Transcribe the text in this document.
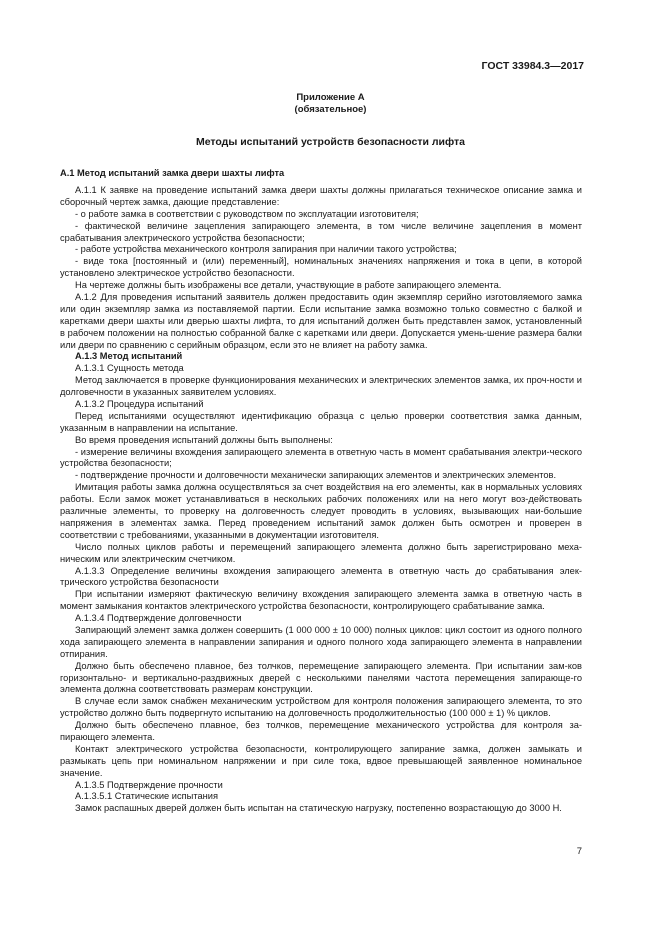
ГОСТ 33984.3—2017
Приложение А
(обязательное)
Методы испытаний устройств безопасности лифта
А.1 Метод испытаний замка двери шахты лифта

А.1.1 К заявке на проведение испытаний замка двери шахты должны прилагаться техническое описание замка и сборочный чертеж замка, дающие представление:

- о работе замка в соответствии с руководством по эксплуатации изготовителя;

- фактической величине зацепления запирающего элемента, в том числе величине зацепления в момент срабатывания электрического устройства безопасности;

- работе устройства механического контроля запирания при наличии такого устройства;

- виде тока [постоянный и (или) переменный], номинальных значениях напряжения и тока в цепи, в которой установлено электрическое устройство безопасности.

На чертеже должны быть изображены все детали, участвующие в работе запирающего элемента.

А.1.2 Для проведения испытаний заявитель должен предоставить один экземпляр серийно изготовляемого замка или один экземпляр замка из поставляемой партии. Если испытание замка возможно только совместно с балкой и каретками двери шахты или дверью шахты лифта, то для испытаний должен быть представлен замок, установленный в рабочем положении на полностью собранной балке с каретками или двери. Допускается умень-шение размера балки или двери по сравнению с серийным образцом, если это не влияет на работу замка.

А.1.3 Метод испытаний

А.1.3.1 Сущность метода

Метод заключается в проверке функционирования механических и электрических элементов замка, их проч-ности и долговечности в указанных заявителем условиях.

А.1.3.2 Процедура испытаний

Перед испытаниями осуществляют идентификацию образца с целью проверки соответствия замка данным, указанным в направлении на испытание.

Во время проведения испытаний должны быть выполнены:

- измерение величины вхождения запирающего элемента в ответную часть в момент срабатывания электри-ческого устройства безопасности;

- подтверждение прочности и долговечности механически запирающих элементов и электрических элементов.

Имитация работы замка должна осуществляться за счет воздействия на его элементы, как в нормальных условиях работы. Если замок может устанавливаться в нескольких рабочих положениях или на него могут воз-действовать различные элементы, то проверку на долговечность следует проводить в условиях, вызывающих наи-большие напряжения в элементах замка. Перед проведением испытаний замок должен быть осмотрен и проверен в соответствии с требованиями, указанными в документации изготовителя.

Число полных циклов работы и перемещений запирающего элемента должно быть зарегистрировано меха-ническим или электрическим счетчиком.

А.1.3.3 Определение величины вхождения запирающего элемента в ответную часть до срабатывания элек-трического устройства безопасности

При испытании измеряют фактическую величину вхождения запирающего элемента замка в ответную часть в момент замыкания контактов электрического устройства безопасности, контролирующего срабатывание замка.

А.1.3.4 Подтверждение долговечности

Запирающий элемент замка должен совершить (1 000 000 ± 10 000) полных циклов: цикл состоит из одного полного хода запирающего элемента в направлении запирания и одного полного хода запирающего элемента в направлении отпирания.

Должно быть обеспечено плавное, без толчков, перемещение запирающего элемента. При испытании зам-ков горизонтально- и вертикально-раздвижных дверей с несколькими панелями частота перемещения запирающе-го элемента должна соответствовать размерам конструкции.

В случае если замок снабжен механическим устройством для контроля положения запирающего элемента, то это устройство должно быть подвергнуто испытанию на долговечность продолжительностью (100 000 ± 1) % циклов.

Должно быть обеспечено плавное, без толчков, перемещение механического устройства для контроля за-пирающего элемента.

Контакт электрического устройства безопасности, контролирующего запирание замка, должен замыкать и размыкать цепь при номинальном напряжении и при силе тока, вдвое превышающей заявленное номинальное значение.

А.1.3.5 Подтверждение прочности

А.1.3.5.1 Статические испытания

Замок распашных дверей должен быть испытан на статическую нагрузку, постепенно возрастающую до 3000 Н.

7
